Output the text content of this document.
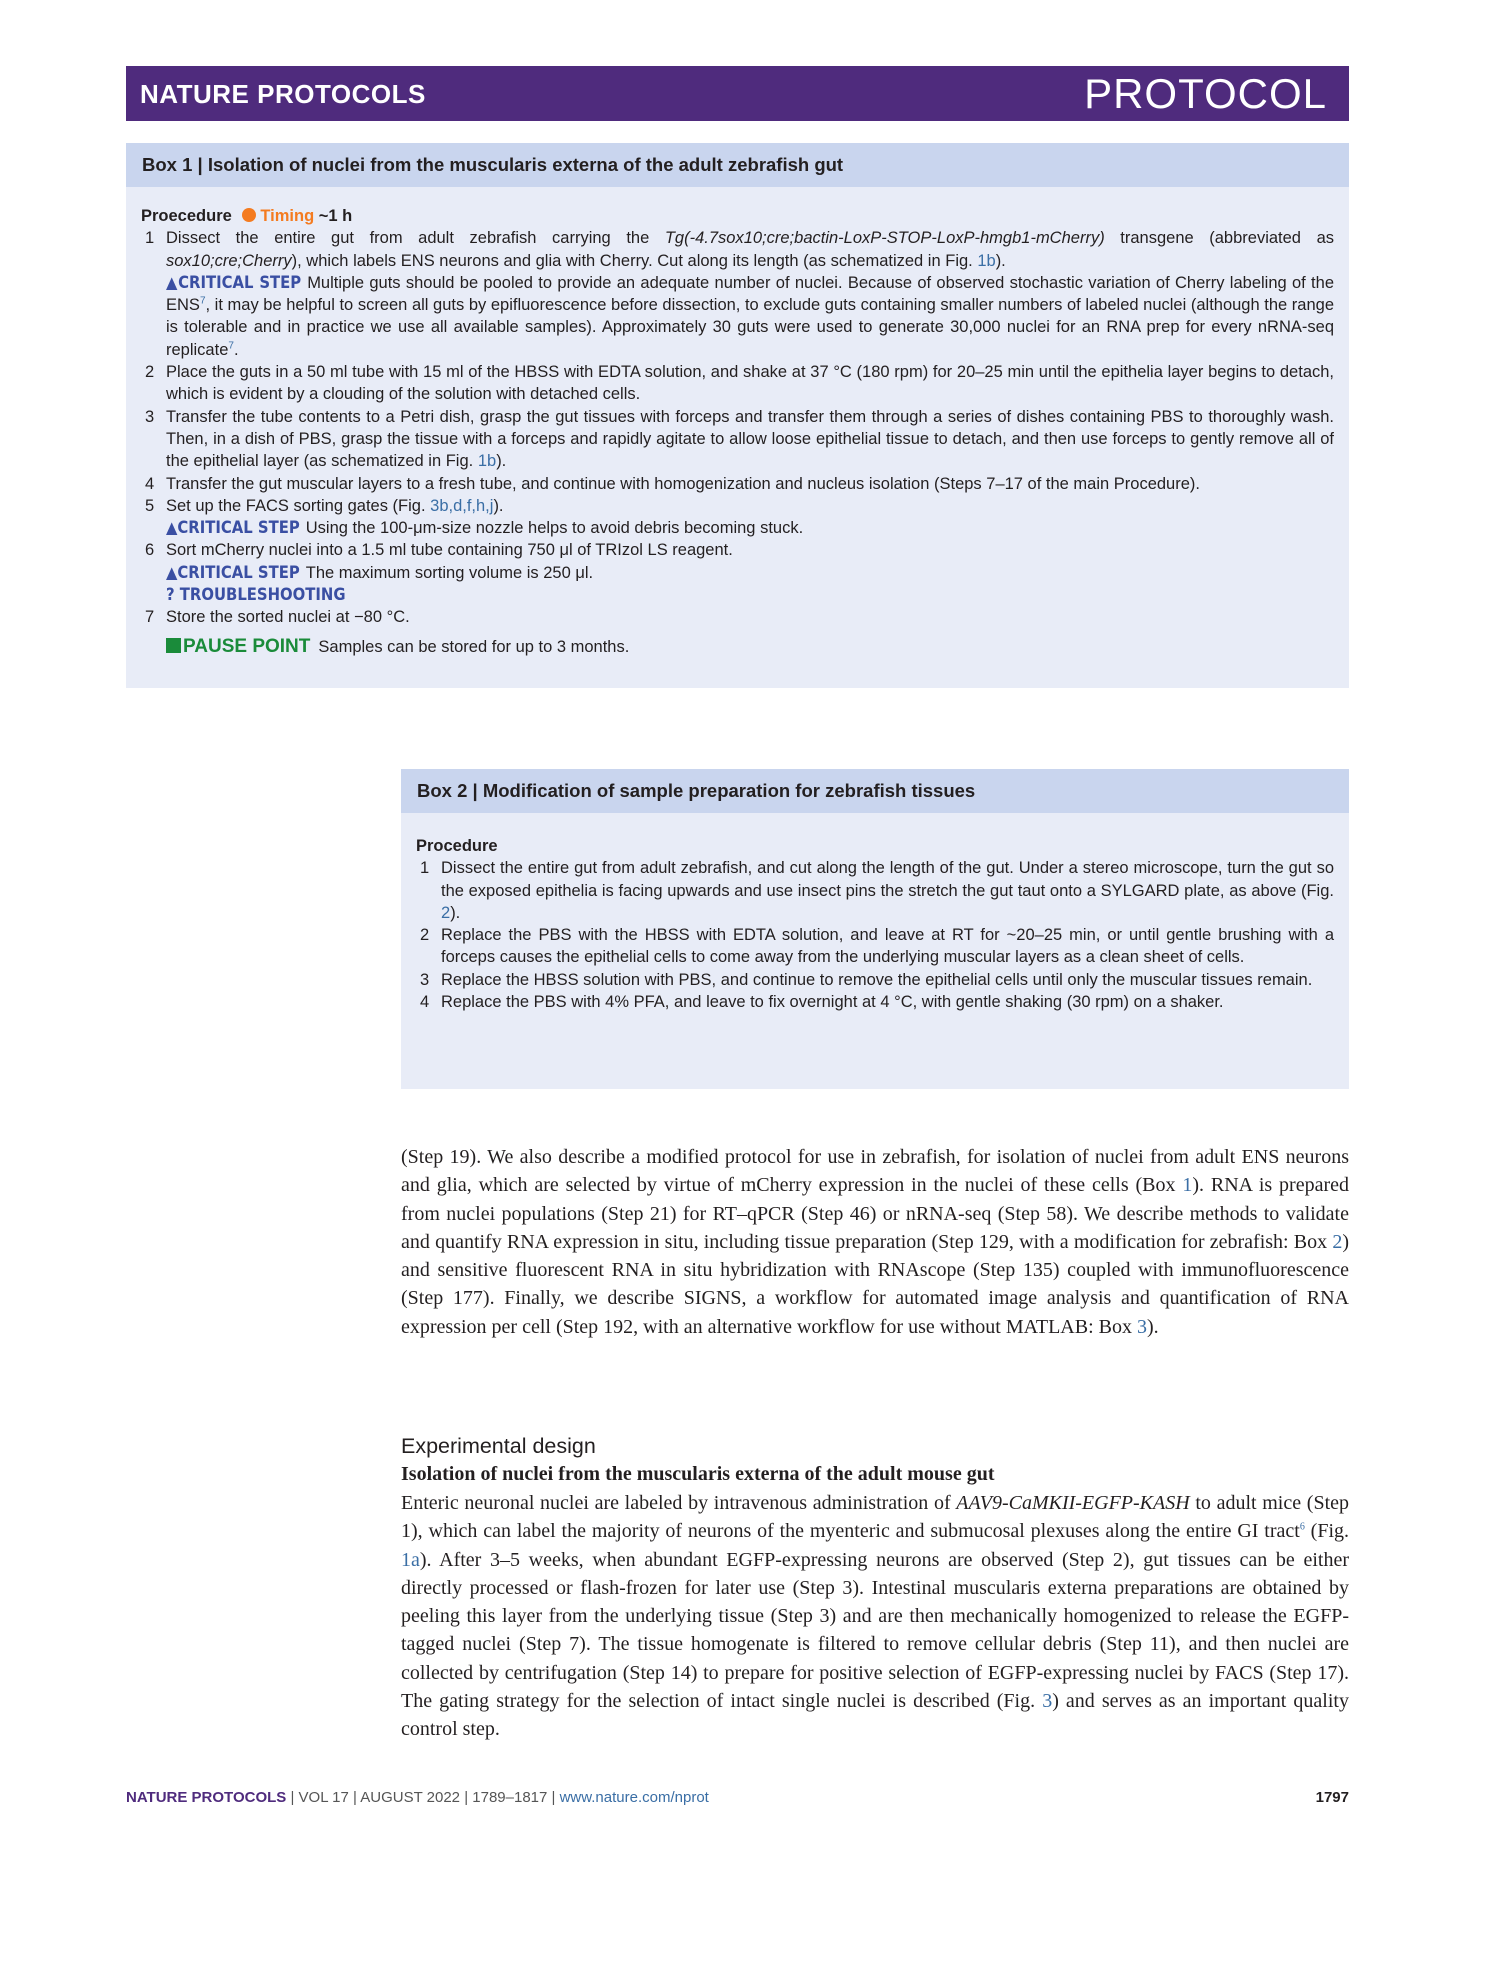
NATURE PROTOCOLS	PROTOCOL
Box 1 | Isolation of nuclei from the muscularis externa of the adult zebrafish gut
Proecedure Timing ~1 h
1 Dissect the entire gut from adult zebrafish carrying the Tg(-4.7sox10;cre;bactin-LoxP-STOP-LoxP-hmgb1-mCherry) transgene (abbreviated as sox10;cre;Cherry), which labels ENS neurons and glia with Cherry. Cut along its length (as schematized in Fig. 1b).
▲CRITICAL STEP Multiple guts should be pooled to provide an adequate number of nuclei. Because of observed stochastic variation of Cherry labeling of the ENS$^7$, it may be helpful to screen all guts by epifluorescence before dissection, to exclude guts containing smaller numbers of labeled nuclei (although the range is tolerable and in practice we use all available samples). Approximately 30 guts were used to generate 30,000 nuclei for an RNA prep for every nRNA-seq replicate$^7$.
2 Place the guts in a 50 ml tube with 15 ml of the HBSS with EDTA solution, and shake at 37 °C (180 rpm) for 20–25 min until the epithelia layer begins to detach, which is evident by a clouding of the solution with detached cells.
3 Transfer the tube contents to a Petri dish, grasp the gut tissues with forceps and transfer them through a series of dishes containing PBS to thoroughly wash. Then, in a dish of PBS, grasp the tissue with a forceps and rapidly agitate to allow loose epithelial tissue to detach, and then use forceps to gently remove all of the epithelial layer (as schematized in Fig. 1b).
4 Transfer the gut muscular layers to a fresh tube, and continue with homogenization and nucleus isolation (Steps 7–17 of the main Procedure).
5 Set up the FACS sorting gates (Fig. 3b,d,f,h,j).
▲CRITICAL STEP Using the 100-μm-size nozzle helps to avoid debris becoming stuck.
6 Sort mCherry nuclei into a 1.5 ml tube containing 750 μl of TRIzol LS reagent.
▲CRITICAL STEP The maximum sorting volume is 250 μl.
? TROUBLESHOOTING
7 Store the sorted nuclei at −80 °C.
PAUSE POINT Samples can be stored for up to 3 months.
Box 2 | Modification of sample preparation for zebrafish tissues
Procedure
1 Dissect the entire gut from adult zebrafish, and cut along the length of the gut. Under a stereo microscope, turn the gut so the exposed epithelia is facing upwards and use insect pins the stretch the gut taut onto a SYLGARD plate, as above (Fig. 2).
2 Replace the PBS with the HBSS with EDTA solution, and leave at RT for ~20–25 min, or until gentle brushing with a forceps causes the epithelial cells to come away from the underlying muscular layers as a clean sheet of cells.
3 Replace the HBSS solution with PBS, and continue to remove the epithelial cells until only the muscular tissues remain.
4 Replace the PBS with 4% PFA, and leave to fix overnight at 4 °C, with gentle shaking (30 rpm) on a shaker.
(Step 19). We also describe a modified protocol for use in zebrafish, for isolation of nuclei from adult ENS neurons and glia, which are selected by virtue of mCherry expression in the nuclei of these cells (Box 1). RNA is prepared from nuclei populations (Step 21) for RT–qPCR (Step 46) or nRNA-seq (Step 58). We describe methods to validate and quantify RNA expression in situ, including tissue preparation (Step 129, with a modification for zebrafish: Box 2) and sensitive fluorescent RNA in situ hybridization with RNAscope (Step 135) coupled with immunofluorescence (Step 177). Finally, we describe SIGNS, a workflow for automated image analysis and quantification of RNA expression per cell (Step 192, with an alternative workflow for use without MATLAB: Box 3).
Experimental design
Isolation of nuclei from the muscularis externa of the adult mouse gut
Enteric neuronal nuclei are labeled by intravenous administration of AAV9-CaMKII-EGFP-KASH to adult mice (Step 1), which can label the majority of neurons of the myenteric and submucosal plexuses along the entire GI tract$^6$ (Fig. 1a). After 3–5 weeks, when abundant EGFP-expressing neurons are observed (Step 2), gut tissues can be either directly processed or flash-frozen for later use (Step 3). Intestinal muscularis externa preparations are obtained by peeling this layer from the underlying tissue (Step 3) and are then mechanically homogenized to release the EGFP-tagged nuclei (Step 7). The tissue homogenate is filtered to remove cellular debris (Step 11), and then nuclei are collected by centrifugation (Step 14) to prepare for positive selection of EGFP-expressing nuclei by FACS (Step 17). The gating strategy for the selection of intact single nuclei is described (Fig. 3) and serves as an important quality control step.
NATURE PROTOCOLS | VOL 17 | AUGUST 2022 | 1789–1817 | www.nature.com/nprot	1797
